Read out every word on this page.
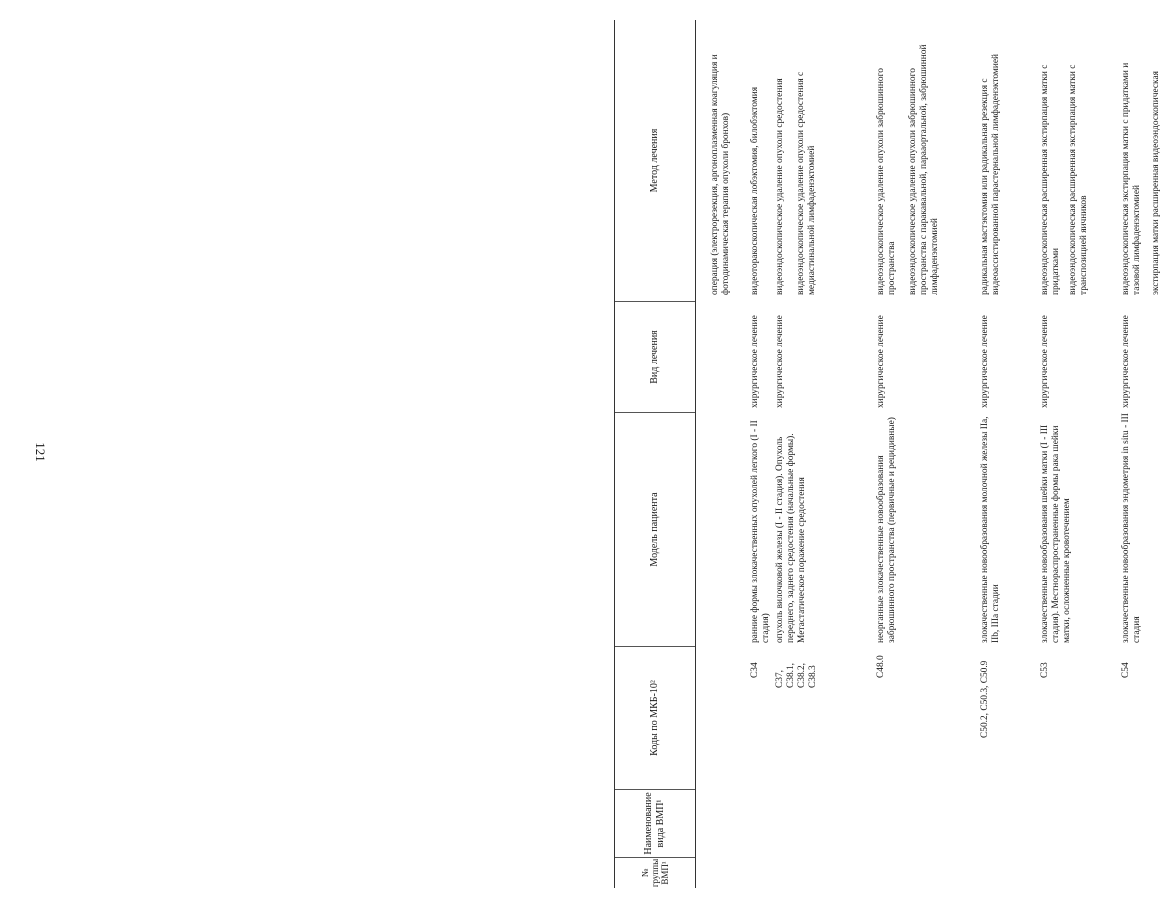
121
№ группы ВМП¹
Наименование вида ВМП¹
Коды по МКБ-10²
Модель пациента
Вид лечения
Метод лечения	операция (электрорезекция, аргоноплазменная коагуляция и фотодинамическая терапия опухоли бронхов)

C34
ранние формы злокачественных опухолей легкого (I - II стадия)
хирургическое лечение
видеоторакоскопическая лобэктомия, билобэктомия
C37, C38.1, C38.2, C38.3
опухоль вилочковой железы (I - II стадия). Опухоль переднего, заднего средостения (начальные формы). Метастатическое поражение средостения
хирургическое лечение

видеоэндоскопическое удаление опухоли средостения видеоэндоскопическое удаление опухоли средостения с медиастинальной лимфаденэктомией

C48.0
неорганные злокачественные новообразования забрюшинного пространства (первичные и рецидивные)
хирургическое лечение

видеоэндоскопическое удаление опухоли забрюшинного пространства видеоэндоскопическое удаление опухоли забрюшинного пространства с паракавальной, парааортальной, забрюшинной лимфаденэктомией

C50.2, C50.3, C50.9
злокачественные новообразования молочной железы IIa, IIb, IIIa стадии
хирургическое лечение
радикальная мастэктомия или радикальная резекция с видеоассистированной парастернальной лимфаденэктомией
C53
злокачественные новообразования шейки матки (I - III стадия). Местнораспространенные формы рака шейки матки, осложненные кровотечением
хирургическое лечение

видеоэндоскопическая расширенная экстирпация матки с придатками видеоэндоскопическая расширенная экстирпация матки с транспозицией яичников

C54
злокачественные новообразования эндометрия in situ - III стадия
хирургическое лечение

видеоэндоскопическая экстирпация матки с придатками и тазовой лимфаденэктомией экстирпация матки расширенная видеоэндоскопическая
